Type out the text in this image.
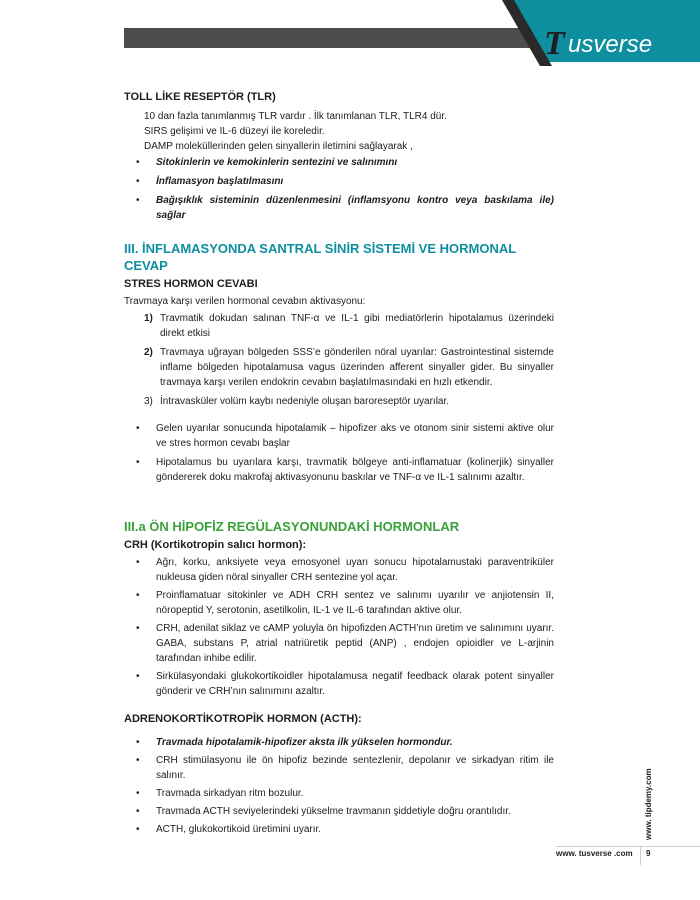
T usverse

TOLL LİKE RESEPTÖR (TLR)

10 dan fazla tanımlanmış TLR vardır . İlk tanımlanan TLR, TLR4 dür.

SIRS gelişimi ve IL-6 düzeyi ile koreledir.

DAMP moleküllerinden gelen sinyallerin iletimini sağlayarak ,

• Sitokinlerin ve kemokinlerin sentezini ve salınımını
• İnflamasyon başlatılmasını
• Bağışıklık sisteminin düzenlenmesini (inflamsyonu kontro veya baskılama ile) sağlar

III. İNFLAMASYONDA SANTRAL SİNİR SİSTEMİ VE HORMONAL CEVAP

STRES HORMON CEVABI

Travmaya karşı verilen hormonal cevabın aktivasyonu:

1) Travmatik dokudan salınan TNF-α ve IL-1 gibi mediatörlerin hipotalamus üzerindeki direkt etkisi

2) Travmaya uğrayan bölgeden SSS’e gönderilen nöral uyarılar: Gastrointestinal sistemde inflame bölgeden hipotalamusa vagus üzerinden afferent sinyaller gider. Bu sinyaller travmaya karşı verilen endokrin cevabın başlatılmasındaki en hızlı etkendir.

3) İntravasküler volüm kaybı nedeniyle oluşan baroreseptör uyarılar.

• Gelen uyarılar sonucunda hipotalamik – hipofizer aks ve otonom sinir sistemi aktive olur ve stres hormon cevabı başlar
• Hipotalamus bu uyarılara karşı, travmatik bölgeye anti-inflamatuar (kolinerjik) sinyaller göndererek doku makrofaj aktivasyonunu baskılar ve TNF-α ve IL-1 salınımı azaltır.

III.a ÖN HİPOFİZ REGÜLASYONUNDAKİ HORMONLAR

CRH (Kortikotropin salıcı hormon):

• Ağrı, korku, anksiyete veya emosyonel uyarı sonucu hipotalamustaki paraventriküler nukleusa giden nöral sinyaller CRH sentezine yol açar.
• Proinflamatuar sitokinler ve ADH CRH sentez ve salınımı uyarılır ve anjiotensin II, nöropeptid Y, serotonin, asetilkolin, IL-1 ve IL-6 tarafından aktive olur.
• CRH, adenilat siklaz ve cAMP yoluyla ön hipofizden ACTH’nın üretim ve salınımını uyarır. GABA, substans P, atrial natriüretik peptid (ANP) , endojen opioidler ve L-arjinin tarafından inhibe edilir.
• Sirkülasyondaki glukokortikoidler hipotalamusa negatif feedback olarak potent sinyaller gönderir ve CRH’nın salınımını azaltır.

ADRENOKORTİKOTROPİK HORMON (ACTH):

• Travmada hipotalamik-hipofizer aksta ilk yükselen hormondur.
• CRH stimülasyonu ile ön hipofiz bezinde sentezlenir, depolanır ve sirkadyan ritim ile salınır.
• Travmada sirkadyan ritm bozulur.
• Travmada ACTH seviyelerindeki yükselme travmanın şiddetiyle doğru orantılıdır.
• ACTH, glukokortikoid üretimini uyarır.	www. tipdemy.com
www. tusverse .com 9
